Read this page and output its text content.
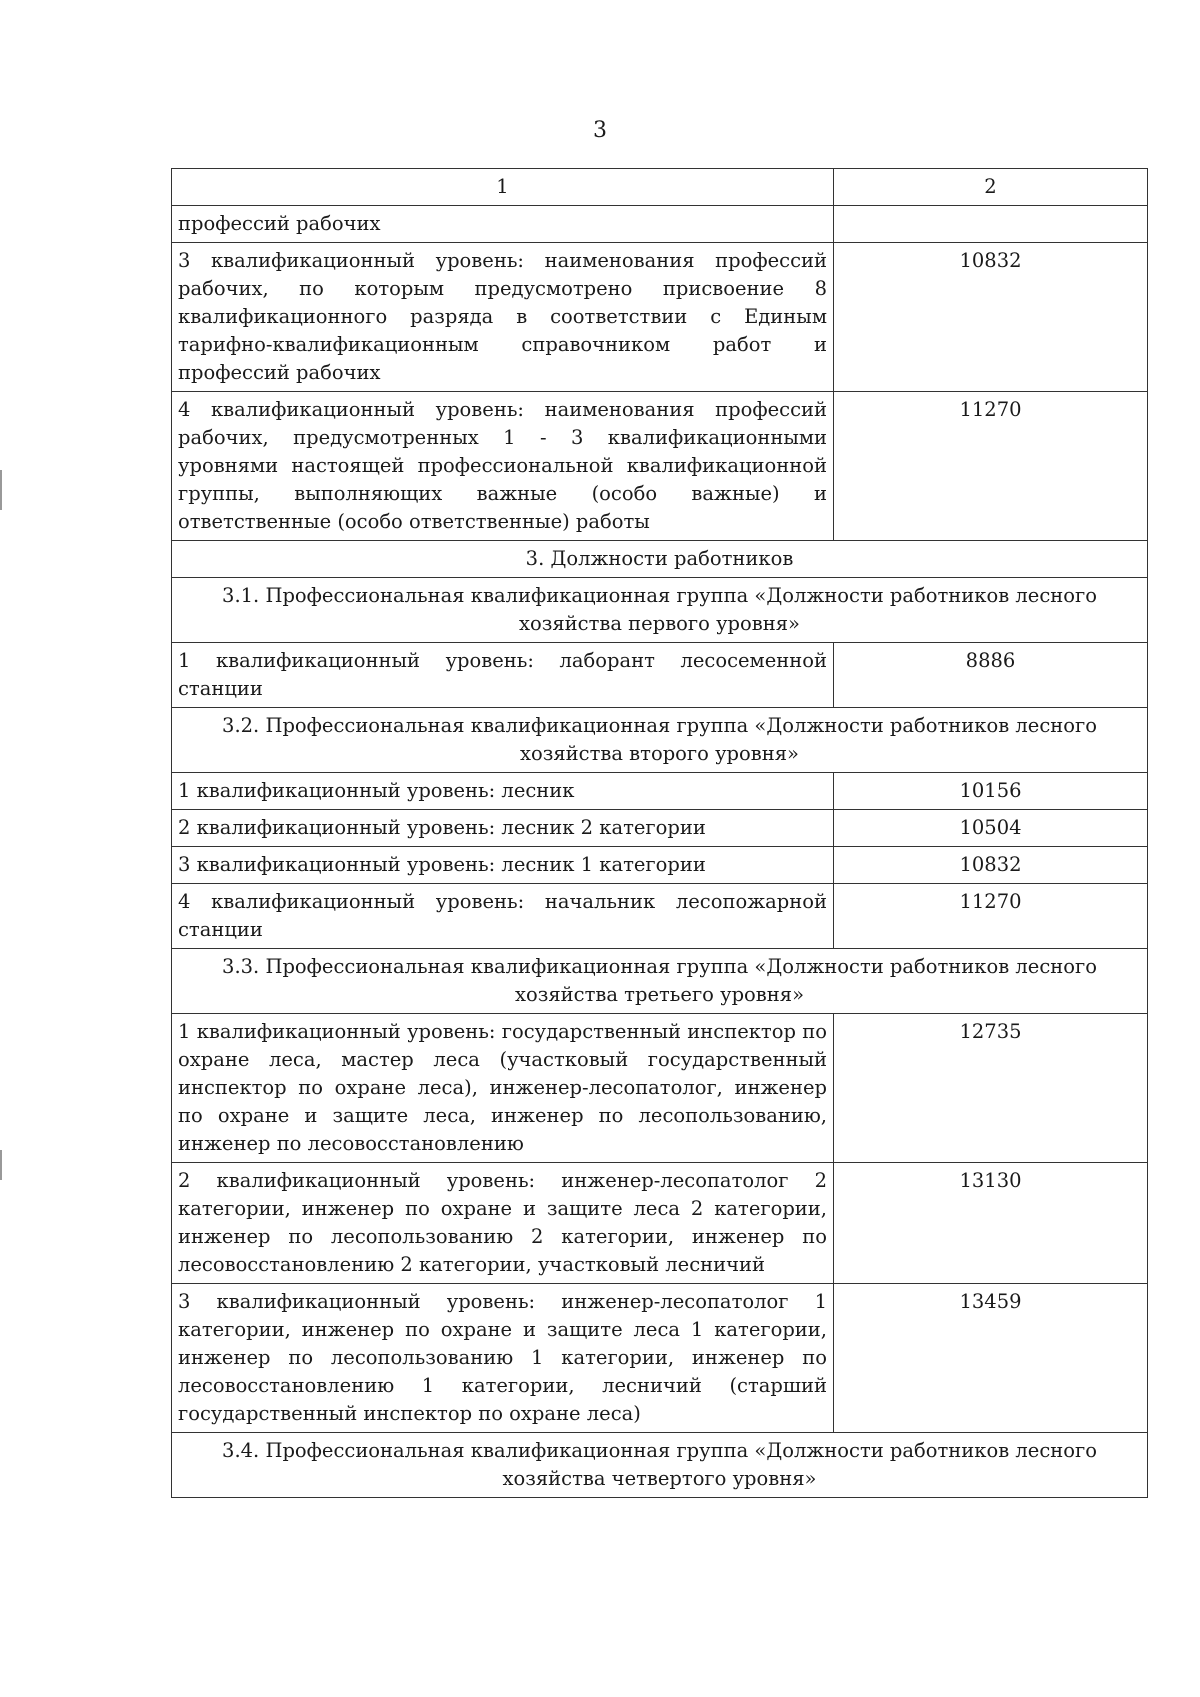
3
1	2
профессий рабочих	
3 квалификационный уровень: наименования профессий рабочих, по которым предусмотрено присвоение 8 квалификационного разряда в соответствии с Единым тарифно-квалификационным справочником работ и профессий рабочих	10832
4 квалификационный уровень: наименования профессий рабочих, предусмотренных 1 - 3 квалификационными уровнями настоящей профессиональной квалификационной группы, выполняющих важные (особо важные) и ответственные (особо ответственные) работы	11270
3. Должности работников	
3.1. Профессиональная квалификационная группа «Должности работников лесного хозяйства первого уровня»	
1 квалификационный уровень: лаборант лесосеменной станции	8886
3.2. Профессиональная квалификационная группа «Должности работников лесного хозяйства второго уровня»	
1 квалификационный уровень: лесник	10156
2 квалификационный уровень: лесник 2 категории	10504
3 квалификационный уровень: лесник 1 категории	10832
4 квалификационный уровень: начальник лесопожарной станции	11270
3.3. Профессиональная квалификационная группа «Должности работников лесного хозяйства третьего уровня»	
1 квалификационный уровень: государственный инспектор по охране леса, мастер леса (участковый государственный инспектор по охране леса), инженер-лесопатолог, инженер по охране и защите леса, инженер по лесопользованию, инженер по лесовосстановлению	12735
2 квалификационный уровень: инженер-лесопатолог 2 категории, инженер по охране и защите леса 2 категории, инженер по лесопользованию 2 категории, инженер по лесовосстановлению 2 категории, участковый лесничий	13130
3 квалификационный уровень: инженер-лесопатолог 1 категории, инженер по охране и защите леса 1 категории, инженер по лесопользованию 1 категории, инженер по лесовосстановлению 1 категории, лесничий (старший государственный инспектор по охране леса)	13459
3.4. Профессиональная квалификационная группа «Должности работников лесного хозяйства четвертого уровня»	
